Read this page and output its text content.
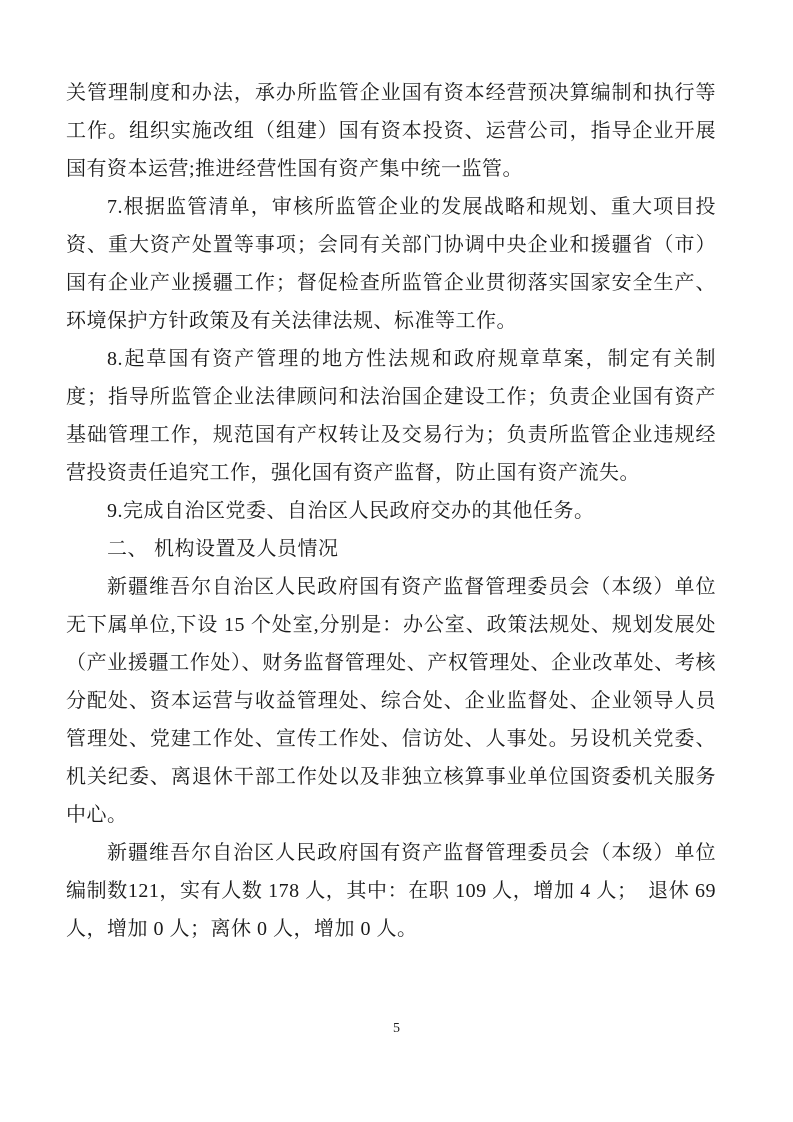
关管理制度和办法，承办所监管企业国有资本经营预决算编制和执行等工作。组织实施改组（组建）国有资本投资、运营公司，指导企业开展国有资本运营;推进经营性国有资产集中统一监管。

7.根据监管清单，审核所监管企业的发展战略和规划、重大项目投资、重大资产处置等事项；会同有关部门协调中央企业和援疆省（市）国有企业产业援疆工作；督促检查所监管企业贯彻落实国家安全生产、环境保护方针政策及有关法律法规、标准等工作。

8.起草国有资产管理的地方性法规和政府规章草案，制定有关制度；指导所监管企业法律顾问和法治国企建设工作；负责企业国有资产基础管理工作，规范国有产权转让及交易行为；负责所监管企业违规经营投资责任追究工作，强化国有资产监督，防止国有资产流失。

9.完成自治区党委、自治区人民政府交办的其他任务。

二、 机构设置及人员情况

新疆维吾尔自治区人民政府国有资产监督管理委员会（本级）单位无下属单位,下设 15 个处室,分别是：办公室、政策法规处、规划发展处（产业援疆工作处）、财务监督管理处、产权管理处、企业改革处、考核分配处、资本运营与收益管理处、综合处、企业监督处、企业领导人员管理处、党建工作处、宣传工作处、信访处、人事处。另设机关党委、机关纪委、离退休干部工作处以及非独立核算事业单位国资委机关服务中心。

新疆维吾尔自治区人民政府国有资产监督管理委员会（本级）单位编制数121，实有人数 178 人，其中：在职 109 人，增加 4 人；　退休 69 人，增加 0 人；离休 0 人，增加 0 人。

5
